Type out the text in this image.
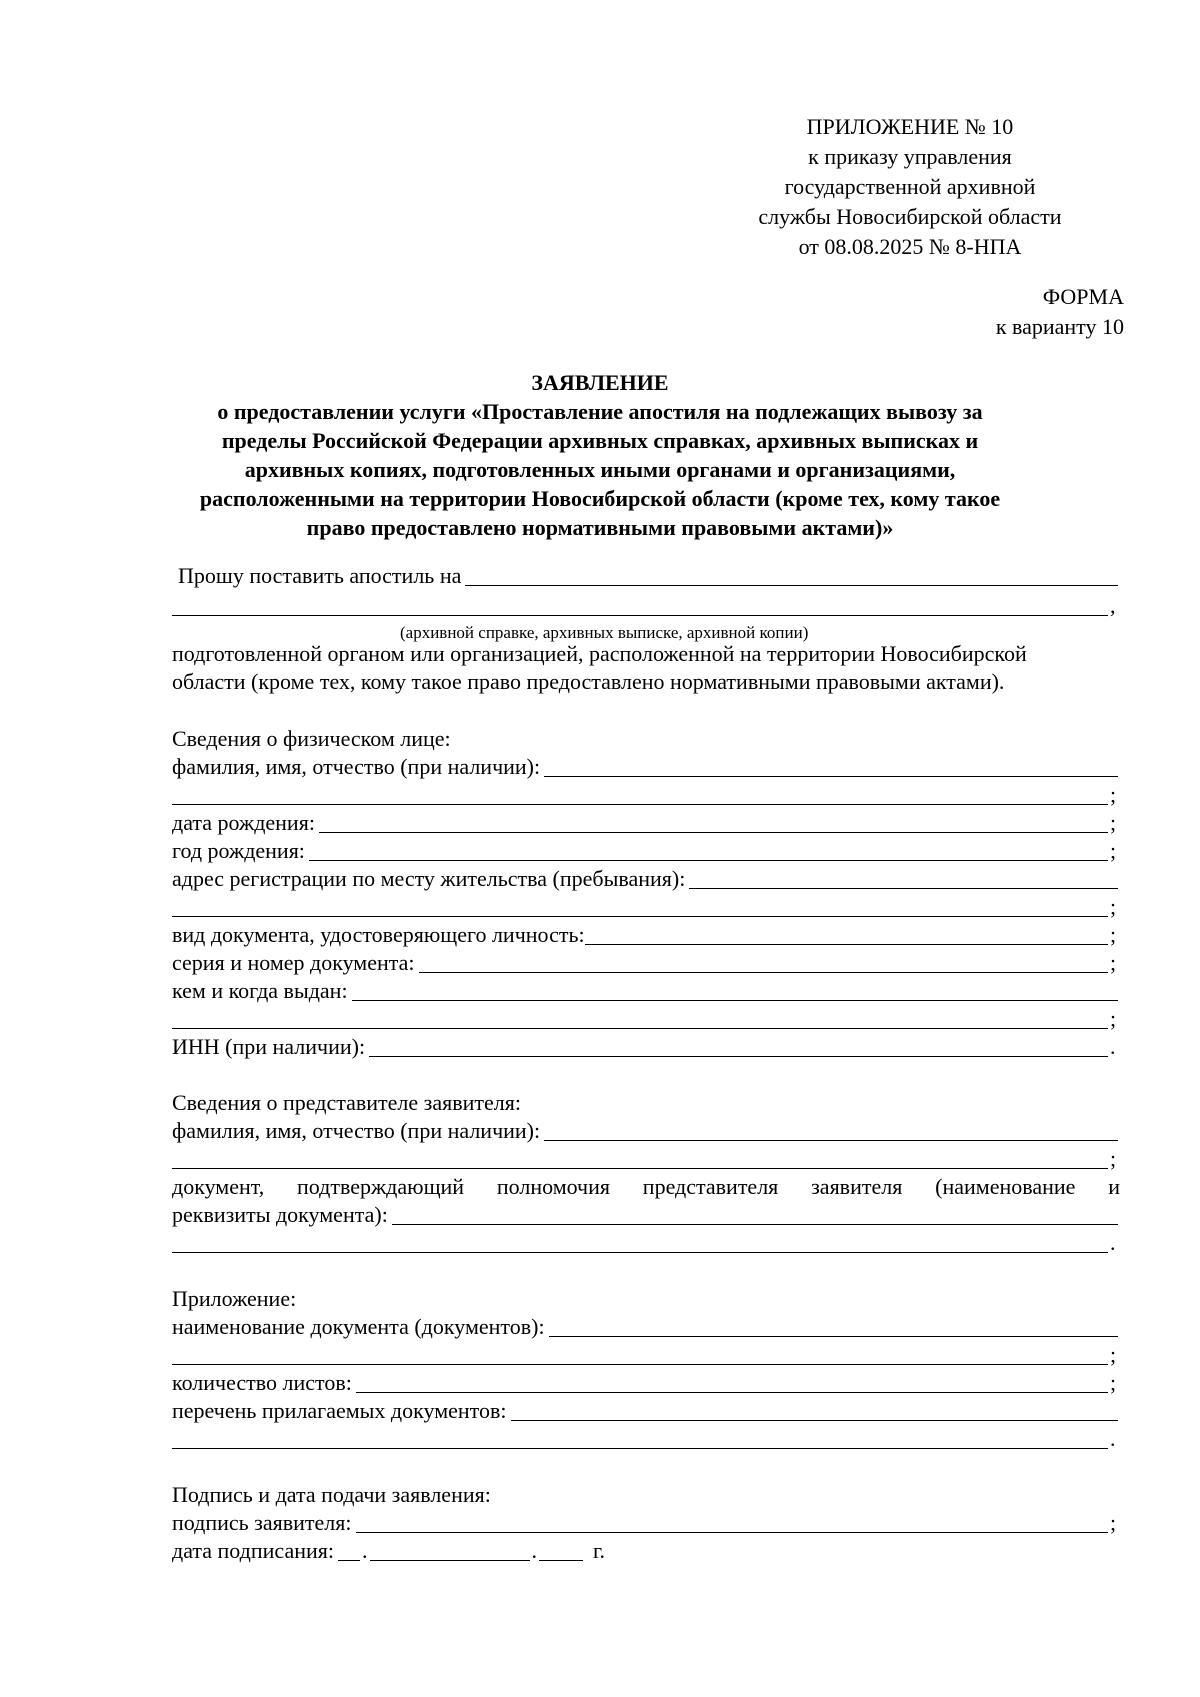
ПРИЛОЖЕНИЕ № 10
к приказу управления
государственной архивной
службы Новосибирской области
от 08.08.2025 № 8-НПА
ФОРМА
к варианту 10
ЗАЯВЛЕНИЕ
о предоставлении услуги «Проставление апостиля на подлежащих вывозу за
пределы Российской Федерации архивных справках, архивных выписках и
архивных копиях, подготовленных иными органами и организациями,
расположенными на территории Новосибирской области (кроме тех, кому такое
право предоставлено нормативными правовыми актами)»
Прошу поставить апостиль на
,
(архивной справке, архивных выписке, архивной копии)
подготовленной органом или организацией, расположенной на территории Новосибирской
области (кроме тех, кому такое право предоставлено нормативными правовыми актами).
Сведения о физическом лице:
фамилия, имя, отчество (при наличии):
;
дата рождения:	;
год рождения:	;
адрес регистрации по месту жительства (пребывания):
;
вид документа, удостоверяющего личность:	;
серия и номер документа:	;
кем и когда выдан:
;
ИНН (при наличии):	.
Сведения о представителе заявителя:
фамилия, имя, отчество (при наличии):
;
документ, подтверждающий полномочия представителя заявителя (наименование и
реквизиты документа):
.
Приложение:
наименование документа (документов):
;
количество листов:	;
перечень прилагаемых документов:
.
Подпись и дата подачи заявления:
подпись заявителя:	;
дата подписания: .	.	г.
